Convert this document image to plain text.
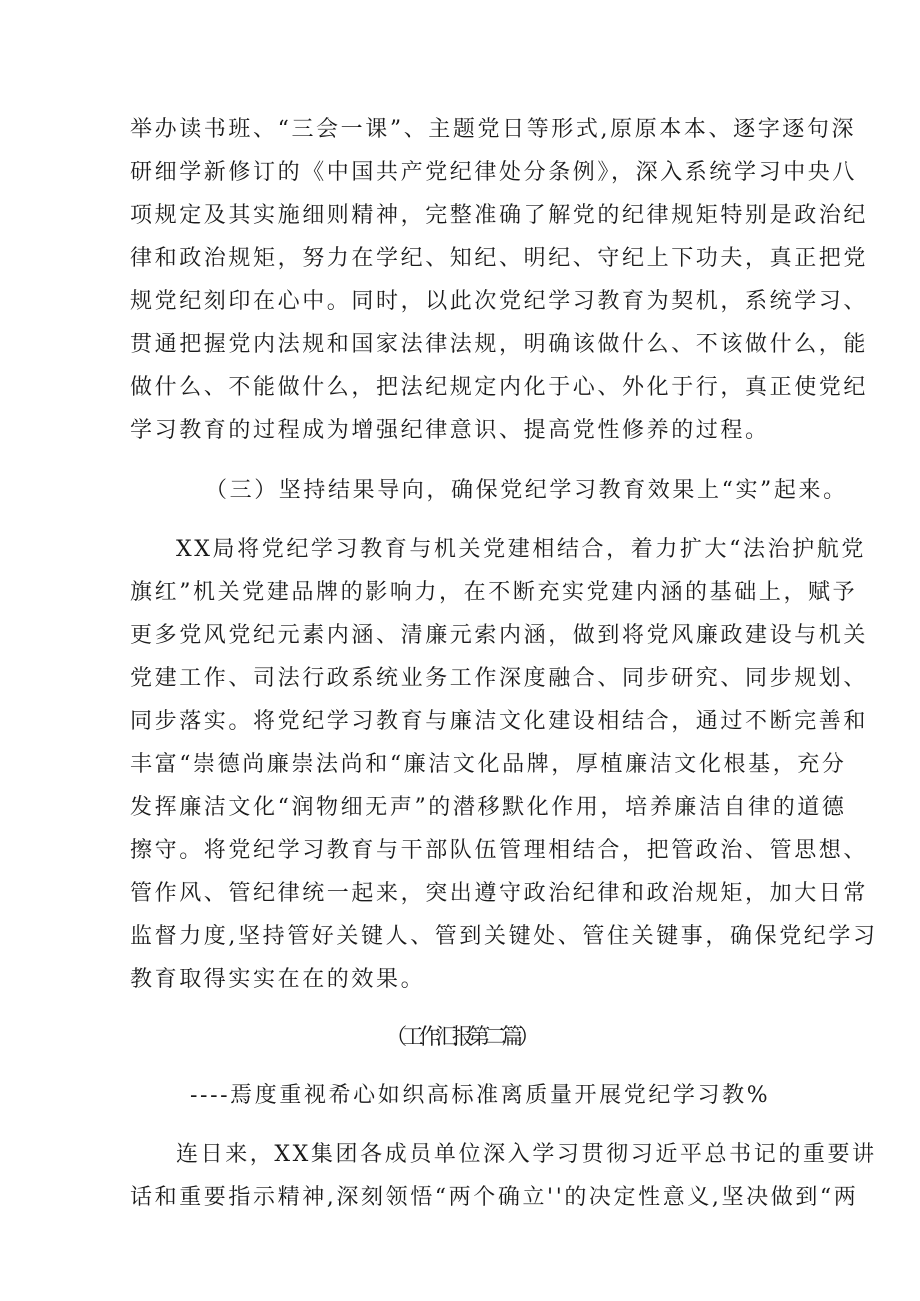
举办读书班、“三会一课”、主题党日等形式,原原本本、逐字逐句深
研细学新修订的《中国共产党纪律处分条例》，深入系统学习中央八
项规定及其实施细则精神，完整准确了解党的纪律规矩特别是政治纪
律和政治规矩，努力在学纪、知纪、明纪、守纪上下功夫，真正把党
规党纪刻印在心中。同时，以此次党纪学习教育为契机，系统学习、
贯通把握党内法规和国家法律法规，明确该做什么、不该做什么，能
做什么、不能做什么，把法纪规定内化于心、外化于行，真正使党纪
学习教育的过程成为增强纪律意识、提高党性修养的过程。
（三）坚持结果导向，确保党纪学习教育效果上“实”起来。
XX局将党纪学习教育与机关党建相结合，着力扩大“法治护航党
旗红”机关党建品牌的影响力，在不断充实党建内涵的基础上，赋予
更多党风党纪元素内涵、清廉元索内涵，做到将党风廉政建设与机关
党建工作、司法行政系统业务工作深度融合、同步研究、同步规划、
同步落实。将党纪学习教育与廉洁文化建设相结合，通过不断完善和
丰富“崇德尚廉崇法尚和“廉洁文化品牌，厚植廉洁文化根基，充分
发挥廉洁文化“润物细无声”的潜移默化作用，培养廉洁自律的道德
擦守。将党纪学习教育与干部队伍管理相结合，把管政治、管思想、
管作风、管纪律统一起来，突出遵守政治纪律和政治规矩，加大日常
监督力度,坚持管好关键人、管到关键处、管住关键事，确保党纪学习
教育取得实实在在的效果。
（工作汇报第二篇）
----焉度重视希心如织高标准离质量开展党纪学习教%
连日来，XX集团各成员单位深入学习贯彻习近平总书记的重要讲
话和重要指示精神,深刻领悟“两个确立''的决定性意义,坚决做到“两
